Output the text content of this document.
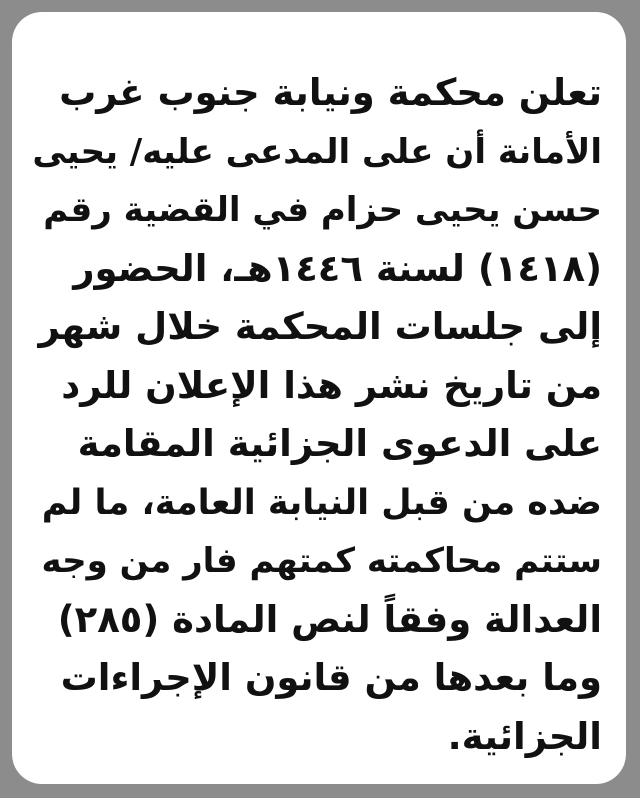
تعلن محكمة ونيابة جنوب غرب
الأمانة أن على المدعى عليه/ يحيى
حسن يحيى حزام في القضية رقم
(١٤١٨) لسنة ١٤٤٦هـ، الحضور
إلى جلسات المحكمة خلال شهر
من تاريخ نشر هذا الإعلان للرد
على الدعوى الجزائية المقامة
ضده من قبل النيابة العامة، ما لم
ستتم محاكمته كمتهم فار من وجه
العدالة وفقاً لنص المادة (٢٨٥)
وما بعدها من قانون الإجراءات
الجزائية.
